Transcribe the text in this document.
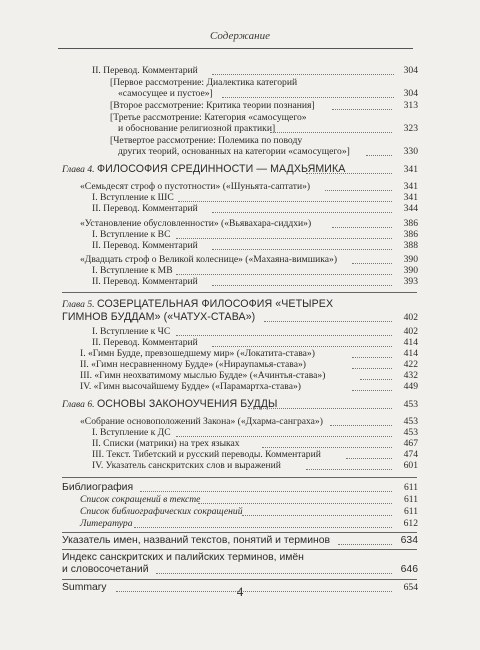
Содержание
II. Перевод. Комментарий	304
[Первое рассмотрение: Диалектика категорий
«самосущее и пустое»]	304
[Второе рассмотрение: Критика теории познания]	313
[Третье рассмотрение: Категория «самосущего»
и обоснование религиозной практики]	323
[Четвертое рассмотрение: Полемика по поводу
других теорий, основанных на категории «самосущего»]	330
Глава 4. ФИЛОСОФИЯ СРЕДИННОСТИ — МАДХЬЯМИКА	341
«Семьдесят строф о пустотности» («Шуньята-саптати»)	341
I. Вступление к ШС	341
II. Перевод. Комментарий	344
«Установление обусловленности» («Вьявахара-сиддхи»)	386
I. Вступление к ВС	386
II. Перевод. Комментарий	388
«Двадцать строф о Великой колеснице» («Махаяна-вимшика»)	390
I. Вступление к МВ	390
II. Перевод. Комментарий	393
Глава 5. СОЗЕРЦАТЕЛЬНАЯ ФИЛОСОФИЯ «ЧЕТЫРЕХ
ГИМНОВ БУДДАМ» («ЧАТУХ-СТАВА»)	402
I. Вступление к ЧС	402
II. Перевод. Комментарий	414
I. «Гимн Будде, превзошедшему мир» («Локатита-става»)	414
II. «Гимн несравненному Будде» («Нираупамья-става»)	422
III. «Гимн неохватимому мыслью Будде» («Ачинтья-става»)	432
IV. «Гимн высочайшему Будде» («Парамартха-става»)	449
Глава 6. ОСНОВЫ ЗАКОНОУЧЕНИЯ БУДДЫ	453
«Собрание основоположений Закона» («Дхарма-санграха»)	453
I. Вступление к ДС	453
II. Списки (матрики) на трех языках	467
III. Текст. Тибетский и русский переводы. Комментарий	474
IV. Указатель санскритских слов и выражений	601
Библиография	611
Список сокращений в тексте	611
Список библиографических сокращений	611
Литература	612
Указатель имен, названий текстов, понятий и терминов	634
Индекс санскритских и палийских терминов, имён
и словосочетаний	646
Summary	654
4
